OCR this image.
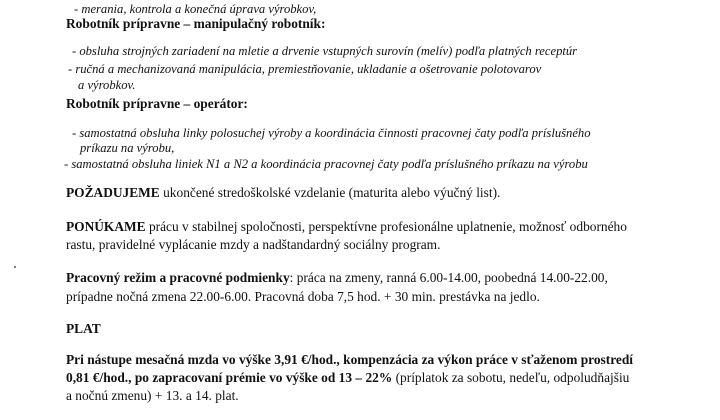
- merania, kontrola a konečná úprava výrobkov,
Robotník prípravne – manipulačný robotník:
- obsluha strojných zariadení na mletie a drvenie vstupných surovín (melív) podľa platných receptúr
- ručná a mechanizovaná manipulácia, premiestňovanie, ukladanie a ošetrovanie polotovarov
a výrobkov.
Robotník prípravne – operátor:
- samostatná obsluha linky polosuchej výroby a koordinácia činnosti pracovnej čaty podľa príslušného
príkazu na výrobu,
- samostatná obsluha liniek N1 a N2 a koordinácia pracovnej čaty podľa príslušného príkazu na výrobu
POŽADUJEME ukončené stredoškolské vzdelanie (maturita alebo výučný list).
PONÚKAME prácu v stabilnej spoločnosti, perspektívne profesionálne uplatnenie, možnosť odborného
rastu, pravidelné vyplácanie mzdy a nadštandardný sociálny program.
Pracovný režim a pracovné podmienky: práca na zmeny, ranná 6.00-14.00, poobedná 14.00-22.00,
prípadne nočná zmena 22.00-6.00. Pracovná doba 7,5 hod. + 30 min. prestávka na jedlo.
PLAT
Pri nástupe mesačná mzda vo výške 3,91 €/hod., kompenzácia za výkon práce v sťaženom prostredí
0,81 €/hod., po zapracovaní prémie vo výške od 13 – 22% (príplatok za sobotu, nedeľu, odpoludňajšiu
a nočnú zmenu) + 13. a 14. plat.
